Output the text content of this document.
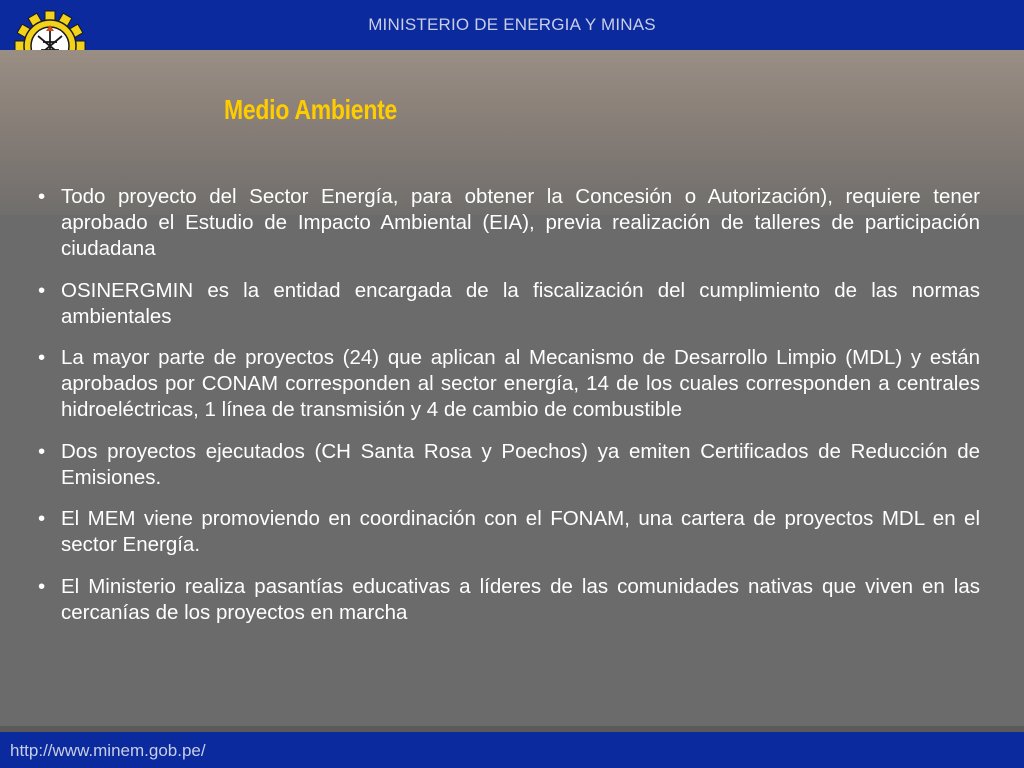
MINISTERIO DE ENERGIA Y MINAS
Medio Ambiente
• Todo proyecto del Sector Energía, para obtener la Concesión o Autorización), requiere tener aprobado el Estudio de Impacto Ambiental (EIA), previa realización de talleres de participación ciudadana
• OSINERGMIN es la entidad encargada de la fiscalización del cumplimiento de las normas ambientales
• La mayor parte de proyectos (24) que aplican al Mecanismo de Desarrollo Limpio (MDL) y están aprobados por CONAM corresponden al sector energía, 14 de los cuales corresponden a centrales hidroeléctricas, 1 línea de transmisión y 4 de cambio de combustible
• Dos proyectos ejecutados (CH Santa Rosa y Poechos) ya emiten Certificados de Reducción de Emisiones.
• El MEM viene promoviendo en coordinación con el FONAM, una cartera de proyectos MDL en el sector Energía.
• El Ministerio realiza pasantías educativas a líderes de las comunidades nativas que viven en las cercanías de los proyectos en marcha
http://www.minem.gob.pe/
